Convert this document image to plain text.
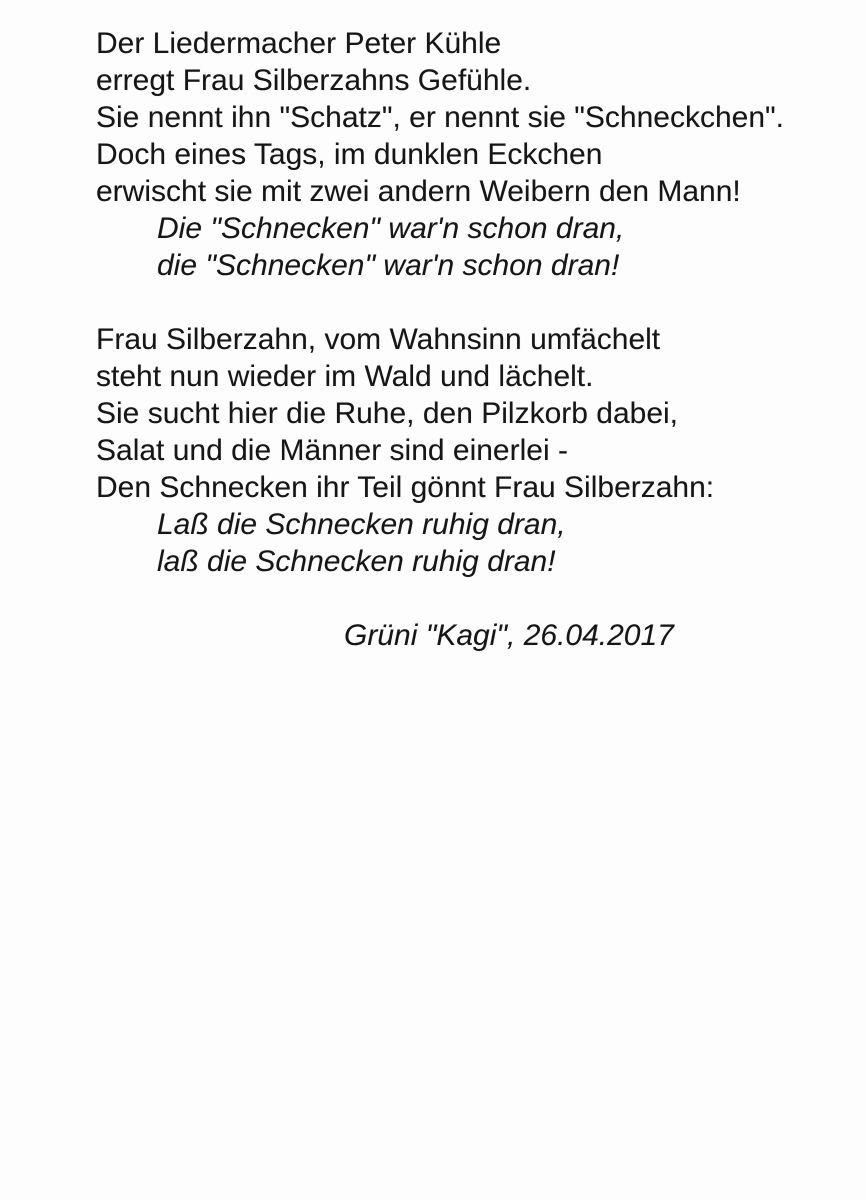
Der Liedermacher Peter Kühle
erregt Frau Silberzahns Gefühle.
Sie nennt ihn "Schatz", er nennt sie "Schneckchen".
Doch eines Tags, im dunklen Eckchen
erwischt sie mit zwei andern Weibern den Mann!
Die "Schnecken" war'n schon dran,
die "Schnecken" war'n schon dran!
Frau Silberzahn, vom Wahnsinn umfächelt
steht nun wieder im Wald und lächelt.
Sie sucht hier die Ruhe, den Pilzkorb dabei,
Salat und die Männer sind einerlei -
Den Schnecken ihr Teil gönnt Frau Silberzahn:
Laß die Schnecken ruhig dran,
laß die Schnecken ruhig dran!
Grüni "Kagi", 26.04.2017
